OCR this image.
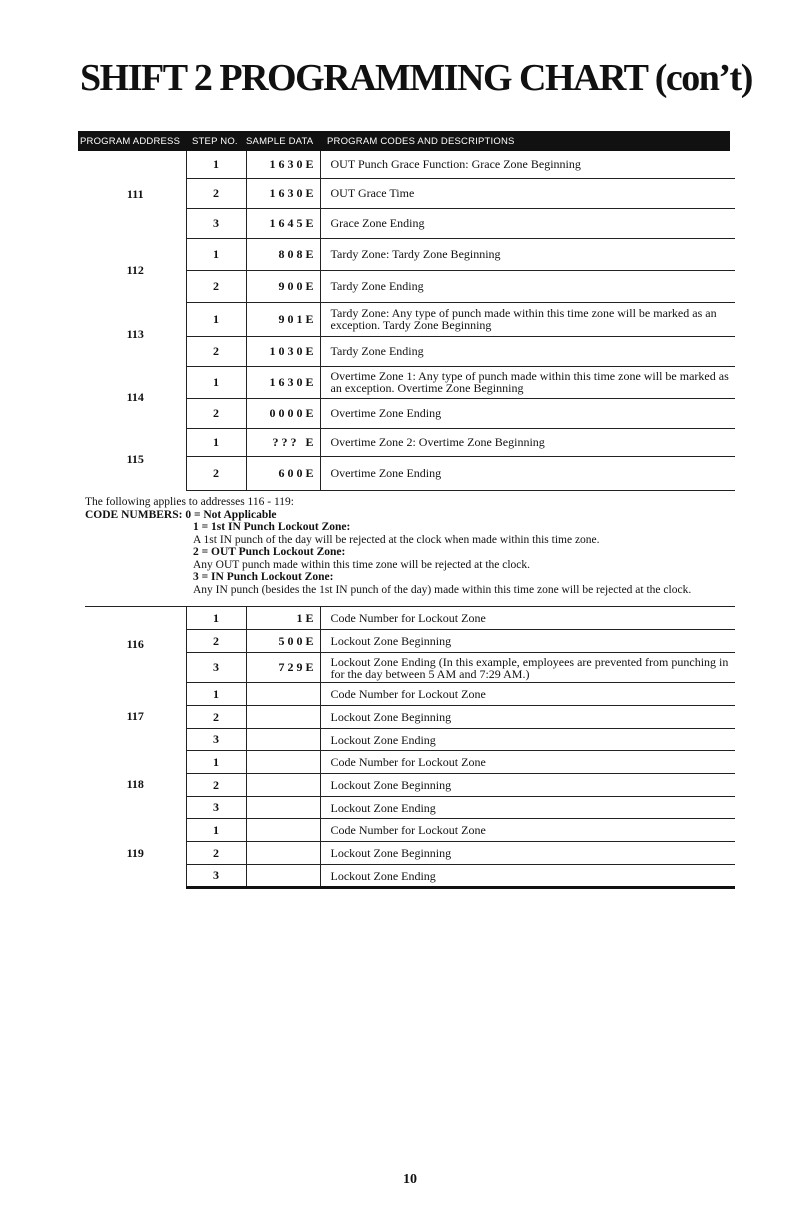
SHIFT 2 PROGRAMMING CHART (con’t)
PROGRAM ADDRESS STEP NO. SAMPLE DATA PROGRAM CODES AND DESCRIPTIONS
111	1	1630E	OUT Punch Grace Function: Grace Zone Beginning
	2	1630E	OUT Grace Time
	3	1645E	Grace Zone Ending
112	1	808E	Tardy Zone: Tardy Zone Beginning
	2	900E	Tardy Zone Ending
113	1	901E	Tardy Zone: Any type of punch made within this time zone will be marked as an exception. Tardy Zone Beginning
	2	1030E	Tardy Zone Ending
114	1	1630E	Overtime Zone 1: Any type of punch made within this time zone will be marked as an exception. Overtime Zone Beginning
	2	0000E	Overtime Zone Ending
115	1	??? E	Overtime Zone 2: Overtime Zone Beginning
	2	600E	Overtime Zone Ending
The following applies to addresses 116 - 119:
CODE NUMBERS: 0 = Not Applicable
1 = 1st IN Punch Lockout Zone:
A 1st IN punch of the day will be rejected at the clock when made within this time zone.
2 = OUT Punch Lockout Zone:
Any OUT punch made within this time zone will be rejected at the clock.
3 = IN Punch Lockout Zone:
Any IN punch (besides the 1st IN punch of the day) made within this time zone will be rejected at the clock.
116	1	1E	Code Number for Lockout Zone
	2	500E	Lockout Zone Beginning
	3	729E	Lockout Zone Ending (In this example, employees are prevented from punching in for the day between 5 AM and 7:29 AM.)
117	1		Code Number for Lockout Zone
	2		Lockout Zone Beginning
	3		Lockout Zone Ending
118	1		Code Number for Lockout Zone
	2		Lockout Zone Beginning
	3		Lockout Zone Ending
119	1		Code Number for Lockout Zone
	2		Lockout Zone Beginning
	3		Lockout Zone Ending
10
